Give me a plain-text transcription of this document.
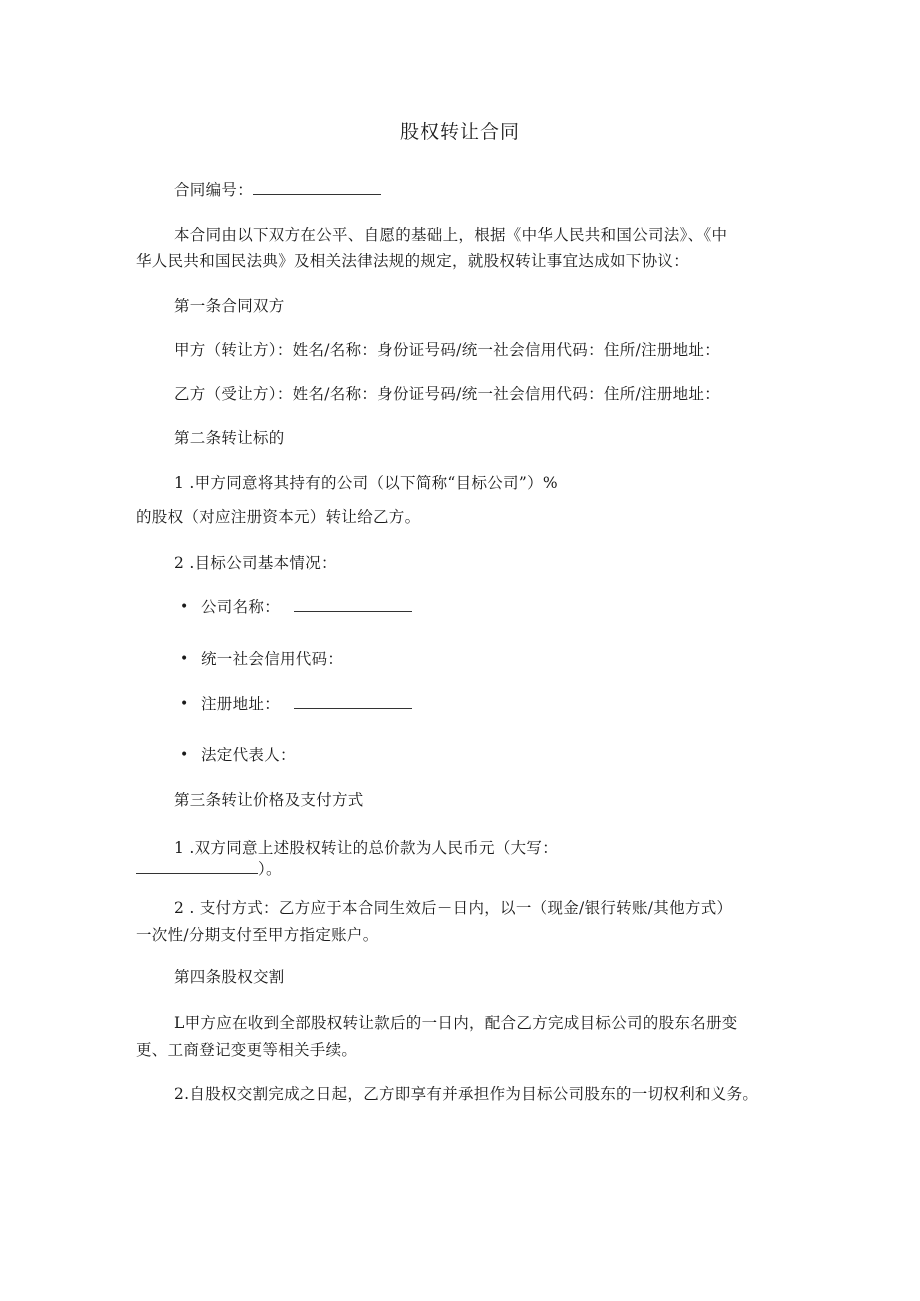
股权转让合同
合同编号：
本合同由以下双方在公平、自愿的基础上，根据《中华人民共和国公司法》、《中
华人民共和国民法典》及相关法律法规的规定，就股权转让事宜达成如下协议：
第一条合同双方
甲方（转让方）：姓名/名称：身份证号码/统一社会信用代码：住所/注册地址：
乙方（受让方）：姓名/名称：身份证号码/统一社会信用代码：住所/注册地址：
第二条转让标的
1 .甲方同意将其持有的公司（以下简称“目标公司”）%
的股权（对应注册资本元）转让给乙方。
2 .目标公司基本情况：
• 公司名称：
• 统一社会信用代码：
• 注册地址：
• 法定代表人：
第三条转让价格及支付方式
1 .双方同意上述股权转让的总价款为人民币元（大写：
）。
2 . 支付方式：乙方应于本合同生效后－日内，以一（现金/银行转账/其他方式）
一次性/分期支付至甲方指定账户。
第四条股权交割
L甲方应在收到全部股权转让款后的一日内，配合乙方完成目标公司的股东名册变
更、工商登记变更等相关手续。
2.自股权交割完成之日起，乙方即享有并承担作为目标公司股东的一切权利和义务。
